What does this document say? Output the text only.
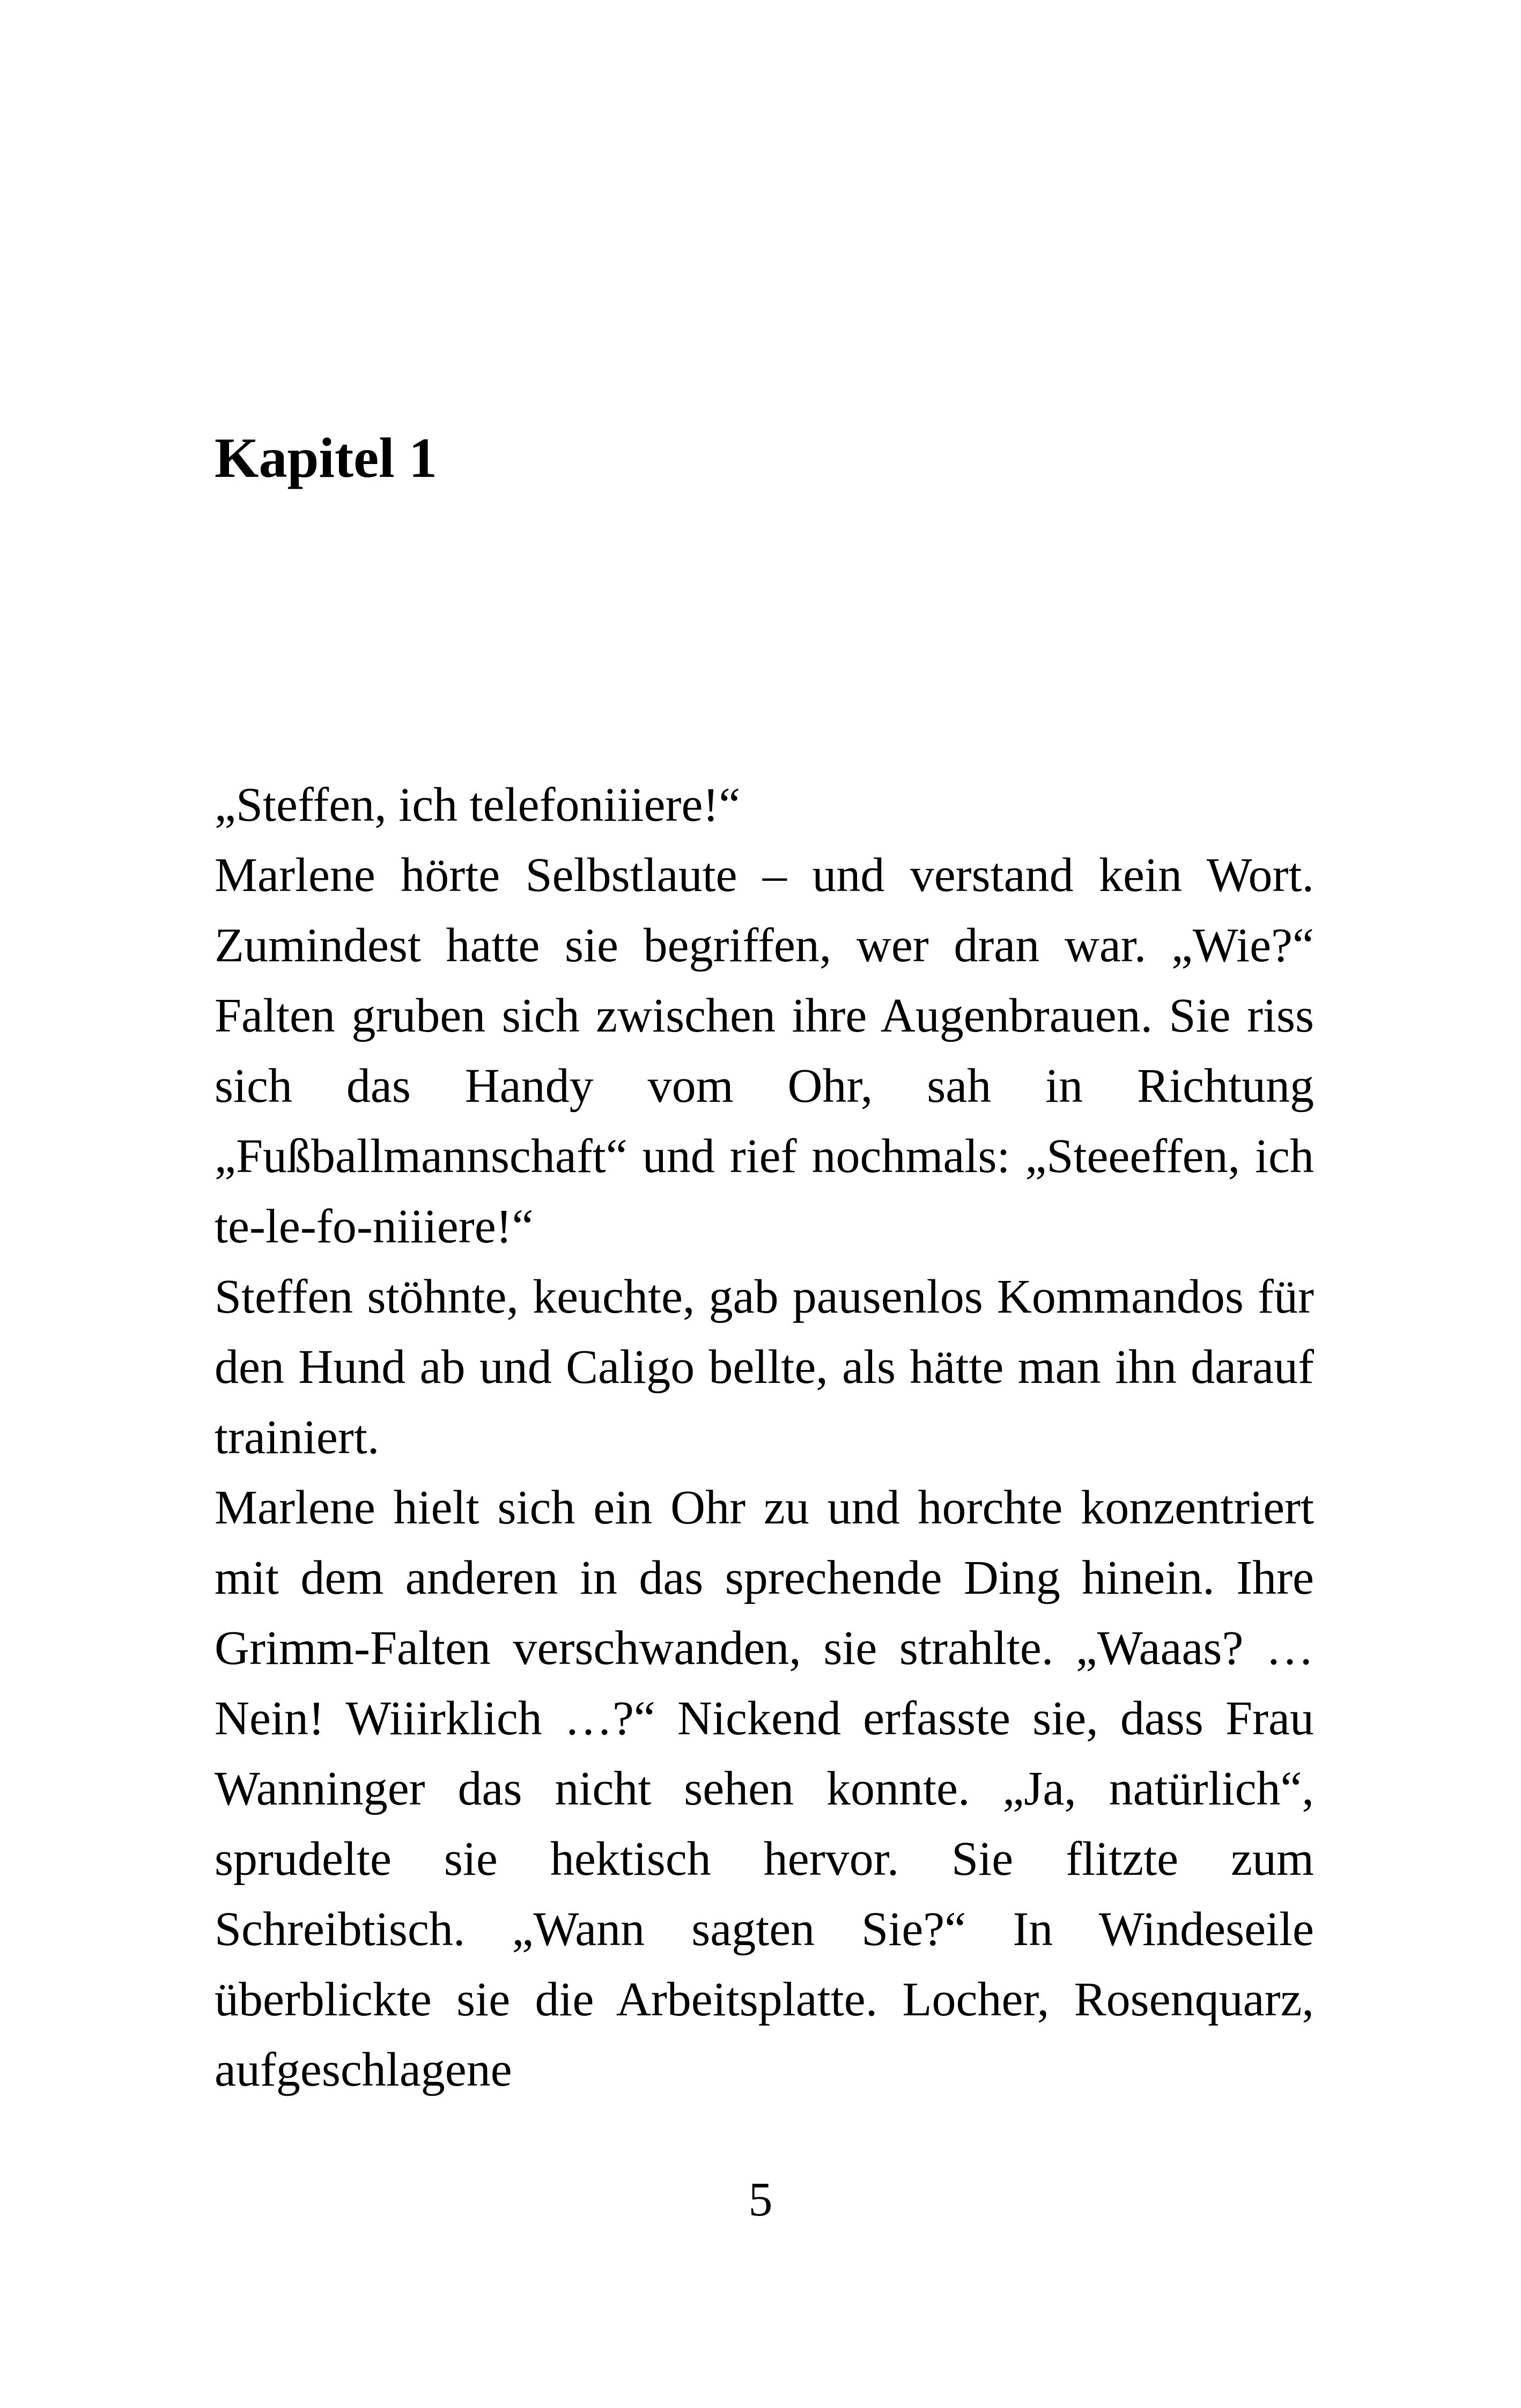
Kapitel 1

„Steffen, ich telefoniiiere!“

Marlene hörte Selbstlaute – und verstand kein Wort. Zumindest hatte sie begriffen, wer dran war. „Wie?“ Falten gruben sich zwischen ihre Augenbrauen. Sie riss sich das Handy vom Ohr, sah in Richtung „Fußballmannschaft“ und rief nochmals: „Steeeffen, ich te-le-fo-niiiere!“

Steffen stöhnte, keuchte, gab pausenlos Kommandos für den Hund ab und Caligo bellte, als hätte man ihn darauf trainiert.

Marlene hielt sich ein Ohr zu und horchte konzentriert mit dem anderen in das sprechende Ding hinein. Ihre Grimm-Falten verschwanden, sie strahlte. „Waaas? … Nein! Wiiirklich …?“ Nickend erfasste sie, dass Frau Wanninger das nicht sehen konnte. „Ja, natürlich“, sprudelte sie hektisch hervor. Sie flitzte zum Schreibtisch. „Wann sagten Sie?“ In Windeseile überblickte sie die Arbeitsplatte. Locher, Rosenquarz, aufgeschlagene

5
